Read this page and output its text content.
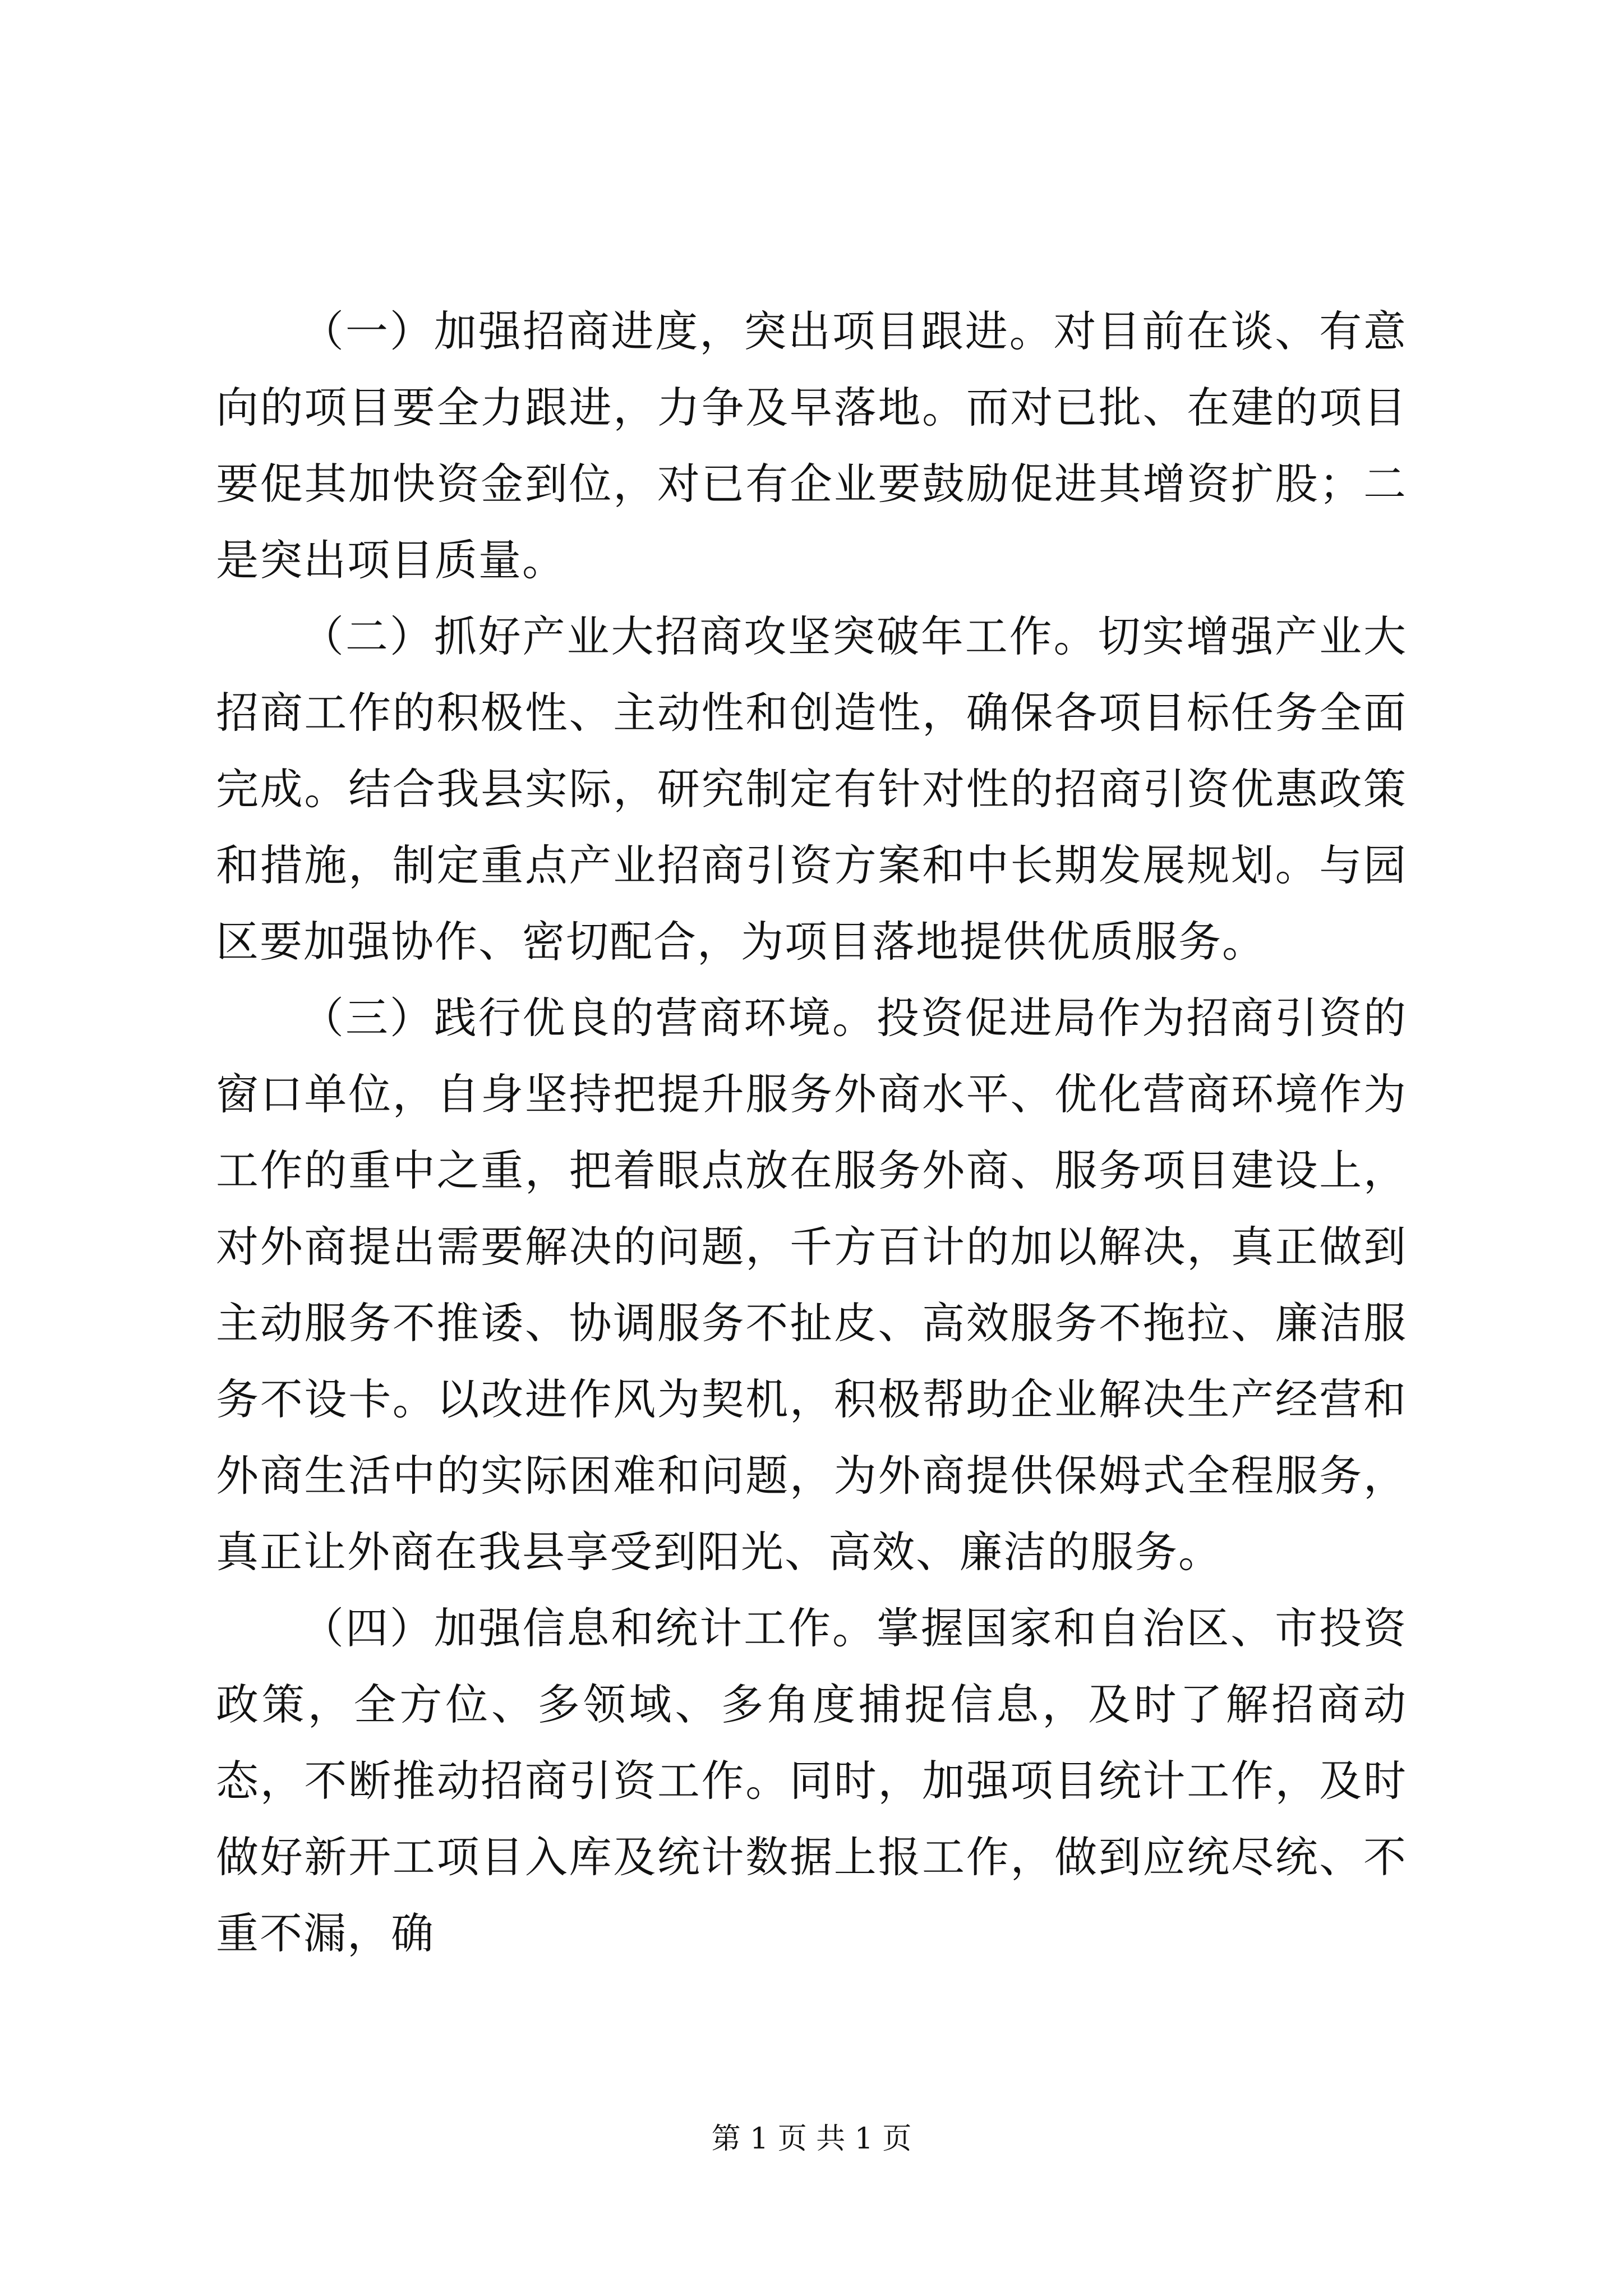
（一）加强招商进度，突出项目跟进。对目前在谈、有意向的项目要全力跟进，力争及早落地。而对已批、在建的项目要促其加快资金到位，对已有企业要鼓励促进其增资扩股；二是突出项目质量。

（二）抓好产业大招商攻坚突破年工作。切实增强产业大招商工作的积极性、主动性和创造性，确保各项目标任务全面完成。结合我县实际，研究制定有针对性的招商引资优惠政策和措施，制定重点产业招商引资方案和中长期发展规划。与园区要加强协作、密切配合，为项目落地提供优质服务。

（三）践行优良的营商环境。投资促进局作为招商引资的窗口单位，自身坚持把提升服务外商水平、优化营商环境作为工作的重中之重，把着眼点放在服务外商、服务项目建设上，对外商提出需要解决的问题，千方百计的加以解决，真正做到主动服务不推诿、协调服务不扯皮、高效服务不拖拉、廉洁服务不设卡。以改进作风为契机，积极帮助企业解决生产经营和外商生活中的实际困难和问题，为外商提供保姆式全程服务，真正让外商在我县享受到阳光、高效、廉洁的服务。

（四）加强信息和统计工作。掌握国家和自治区、市投资政策，全方位、多领域、多角度捕捉信息，及时了解招商动态，不断推动招商引资工作。同时，加强项目统计工作，及时做好新开工项目入库及统计数据上报工作，做到应统尽统、不重不漏，确

第 1 页 共 1 页
